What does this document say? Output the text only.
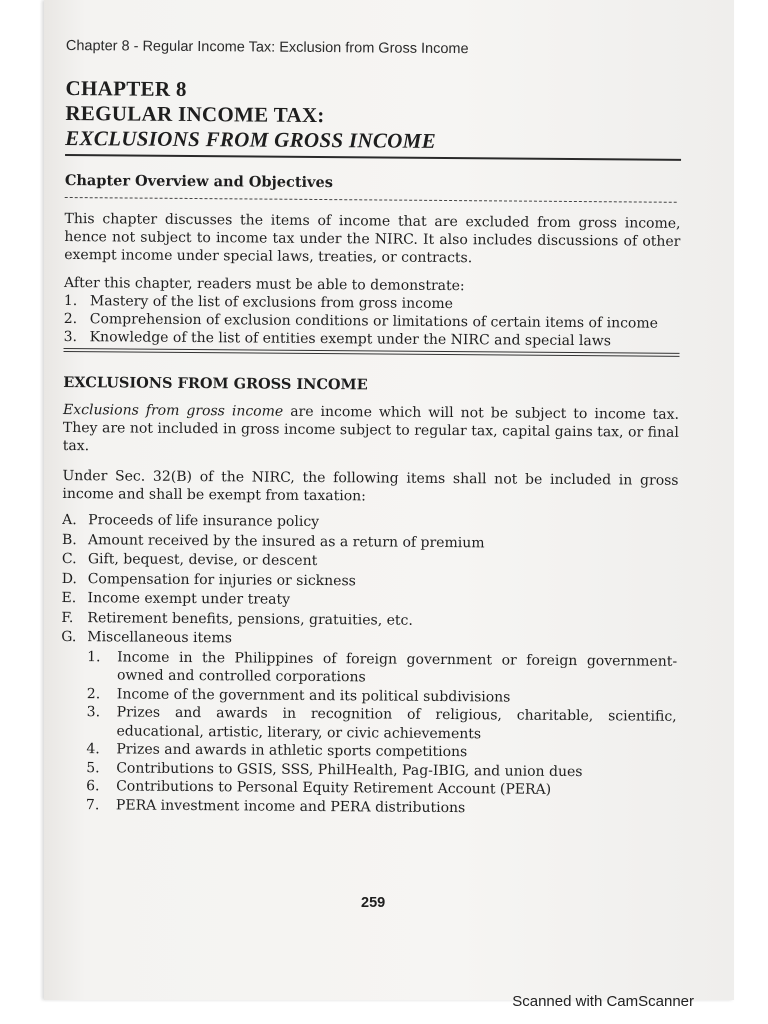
Chapter 8 - Regular Income Tax: Exclusion from Gross Income
CHAPTER 8
REGULAR INCOME TAX:
EXCLUSIONS FROM GROSS INCOME
Chapter Overview and Objectives

This chapter discusses the items of income that are excluded from gross income, hence not subject to income tax under the NIRC. It also includes discussions of other exempt income under special laws, treaties, or contracts.

After this chapter, readers must be able to demonstrate:

1. Mastery of the list of exclusions from gross income
2. Comprehension of exclusion conditions or limitations of certain items of income
3. Knowledge of the list of entities exempt under the NIRC and special laws
EXCLUSIONS FROM GROSS INCOME

Exclusions from gross income are income which will not be subject to income tax. They are not included in gross income subject to regular tax, capital gains tax, or final tax.

Under Sec. 32(B) of the NIRC, the following items shall not be included in gross income and shall be exempt from taxation:

A. Proceeds of life insurance policy
B. Amount received by the insured as a return of premium
C. Gift, bequest, devise, or descent
D. Compensation for injuries or sickness
E. Income exempt under treaty
F. Retirement benefits, pensions, gratuities, etc.
G. Miscellaneous items
1.	Income in the Philippines of foreign government or foreign government-owned and controlled corporations
2.	Income of the government and its political subdivisions
3.	Prizes and awards in recognition of religious, charitable, scientific, educational, artistic, literary, or civic achievements
4.	Prizes and awards in athletic sports competitions
5.	Contributions to GSIS, SSS, PhilHealth, Pag-IBIG, and union dues
6.	Contributions to Personal Equity Retirement Account (PERA)
7.	PERA investment income and PERA distributions
259
Scanned with CamScanner
